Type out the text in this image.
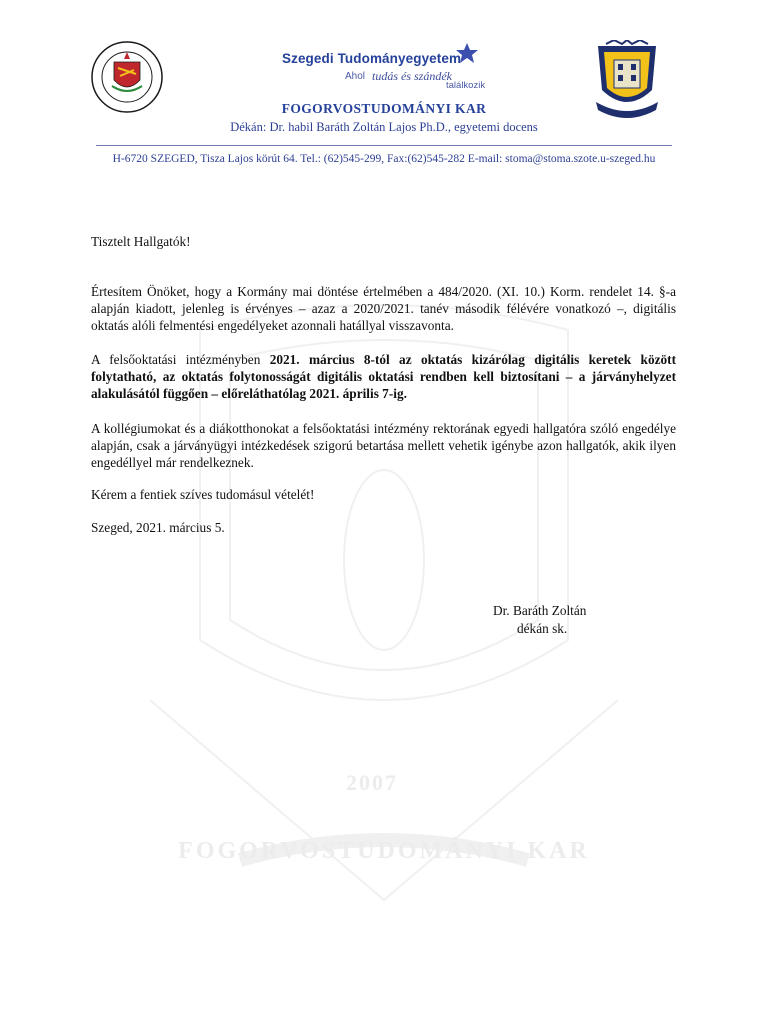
FOGORVOSTUDOMÁNYI KAR
2007
Szegedi Tudományegyetem
Ahol tudás és szándék
találkozik
FOGORVOSTUDOMÁNYI KAR
Dékán: Dr. habil Baráth Zoltán Lajos Ph.D., egyetemi docens
H-6720 SZEGED, Tisza Lajos körút 64. Tel.: (62)545-299, Fax:(62)545-282 E-mail: stoma@stoma.szote.u-szeged.hu
Tisztelt Hallgatók!
Értesítem Önöket, hogy a Kormány mai döntése értelmében a 484/2020. (XI. 10.) Korm. rendelet 14. §-a alapján kiadott, jelenleg is érvényes – azaz a 2020/2021. tanév második félévére vonatkozó –, digitális oktatás alóli felmentési engedélyeket azonnali hatállyal visszavonta.
A felsőoktatási intézményben 2021. március 8-tól az oktatás kizárólag digitális keretek között folytatható, az oktatás folytonosságát digitális oktatási rendben kell biztosítani – a járványhelyzet alakulásától függően – előreláthatólag 2021. április 7-ig.
A kollégiumokat és a diákotthonokat a felsőoktatási intézmény rektorának egyedi hallgatóra szóló engedélye alapján, csak a járványügyi intézkedések szigorú betartása mellett vehetik igénybe azon hallgatók, akik ilyen engedéllyel már rendelkeznek.
Kérem a fentiek szíves tudomásul vételét!
Szeged, 2021. március 5.
Dr. Baráth Zoltán
dékán sk.
